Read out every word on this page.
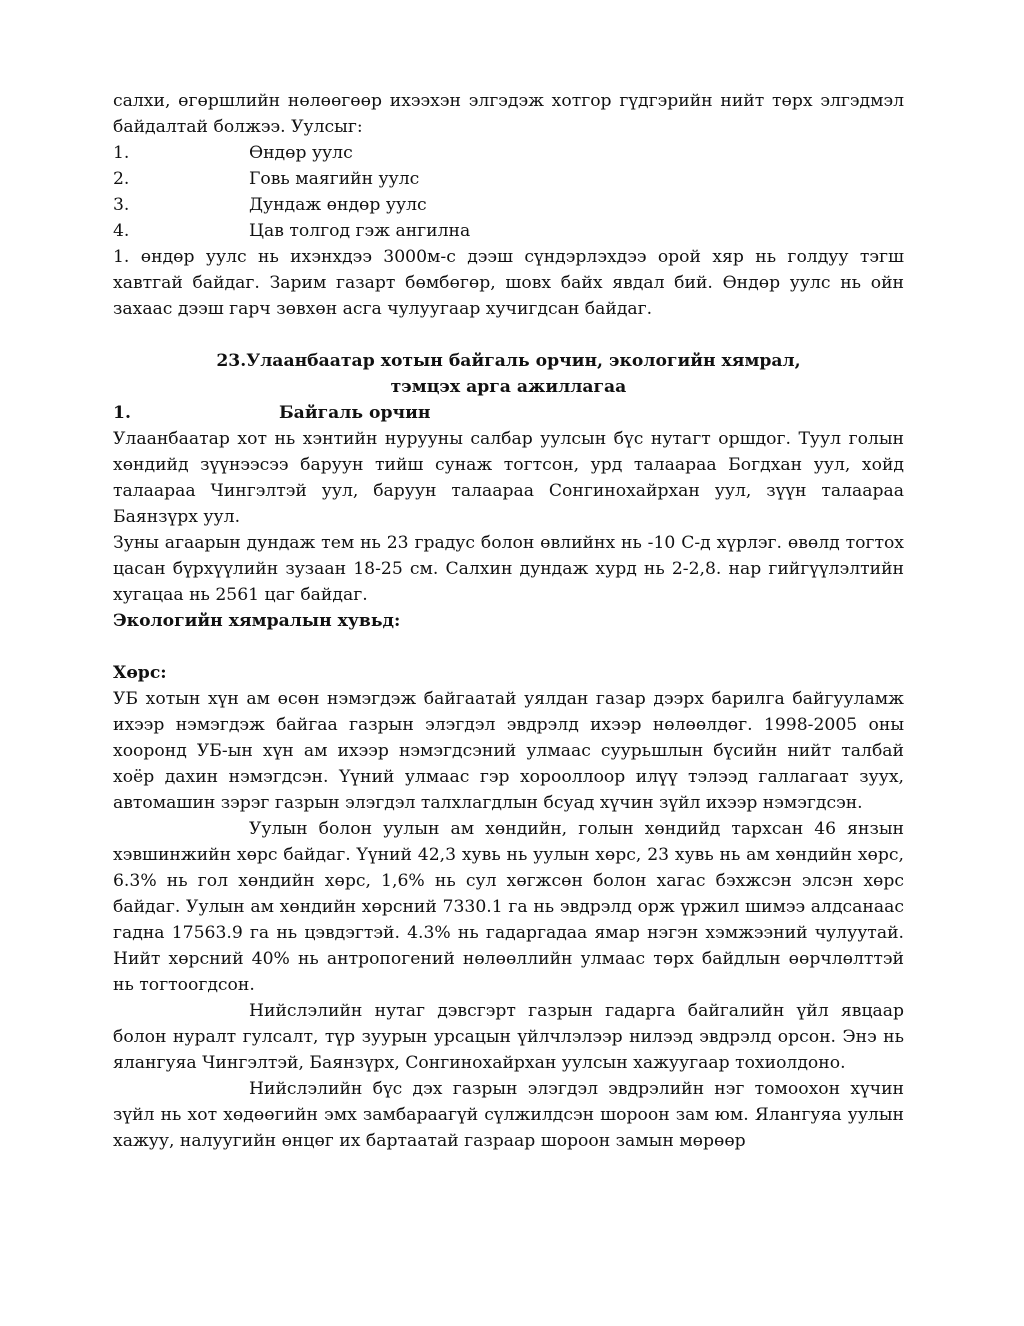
салхи, өгөршлийн нөлөөгөөр ихээхэн элгэдэж хотгор гүдгэрийн нийт төрх элгэдмэл байдалтай болжээ. Уулсыг:

1.	Өндөр уулс
2.	Говь маягийн уулс
3.	Дундаж өндөр уулс
4.	Цав толгод гэж ангилна

1. өндөр уулс нь ихэнхдээ 3000м-с дээш сүндэрлэхдээ орой хяр нь голдуу тэгш хавтгай байдаг. Зарим газарт бөмбөгөр, шовх байх явдал бий. Өндөр уулс нь ойн захаас дээш гарч зөвхөн асга чулуугаар хучигдсан байдаг.

23.Улаанбаатар хотын байгаль орчин, экологийн хямрал,

тэмцэх арга ажиллагаа

1.	Байгаль орчин

Улаанбаатар хот нь хэнтийн нурууны салбар уулсын бүс нутагт оршдог. Туул голын хөндийд зүүнээсээ баруун тийш сунаж тогтсон, урд талаараа Богдхан уул, хойд талаараа Чингэлтэй уул, баруун талаараа Сонгинохайрхан уул, зүүн талаараа Баянзүрх уул.

Зуны агаарын дундаж тем нь 23 градус болон өвлийнх нь -10 С-д хүрлэг. өвөлд тогтох цасан бүрхүүлийн зузаан 18-25 см. Салхин дундаж хурд нь 2-2,8. нар гийгүүлэлтийн хугацаа нь 2561 цаг байдаг.

Экологийн хямралын хувьд:

Хөрс:

УБ хотын хүн ам өсөн нэмэгдэж байгаатай уялдан газар дээрх барилга байгууламж ихээр нэмэгдэж байгаа газрын элэгдэл эвдрэлд ихээр нөлөөлдөг. 1998-2005 оны хооронд УБ-ын хүн ам ихээр нэмэгдсэний улмаас суурьшлын бүсийн нийт талбай хоёр дахин нэмэгдсэн. Үүний улмаас гэр хорооллоор илүү тэлээд галлагаат зуух, автомашин зэрэг газрын элэгдэл талхлагдлын бсуад хүчин зүйл ихээр нэмэгдсэн.

Уулын болон уулын ам хөндийн, голын хөндийд тархсан 46 янзын хэвшинжийн хөрс байдаг. Үүний 42,3 хувь нь уулын хөрс, 23 хувь нь ам хөндийн хөрс, 6.3% нь гол хөндийн хөрс, 1,6% нь сул хөгжсөн болон хагас бэхжсэн элсэн хөрс байдаг. Уулын ам хөндийн хөрсний 7330.1 га нь эвдрэлд орж үржил шимээ алдсанаас гадна 17563.9 га нь цэвдэгтэй. 4.3% нь гадаргадаа ямар нэгэн хэмжээний чулуутай. Нийт хөрсний 40% нь антропогений нөлөөллийн улмаас төрх байдлын өөрчлөлттэй нь тогтоогдсон.

Нийслэлийн нутаг дэвсгэрт газрын гадарга байгалийн үйл явцаар болон нуралт гулсалт, түр зуурын урсацын үйлчлэлээр нилээд эвдрэлд орсон. Энэ нь ялангуяа Чингэлтэй, Баянзүрх, Сонгинохайрхан уулсын хажуугаар тохиолдоно.

Нийслэлийн бүс дэх газрын элэгдэл эвдрэлийн нэг томоохон хүчин зүйл нь хот хөдөөгийн эмх замбараагүй сүлжилдсэн шороон зам юм. Ялангуяа уулын хажуу, налуугийн өнцөг их бартаатай газраар шороон замын мөрөөр
